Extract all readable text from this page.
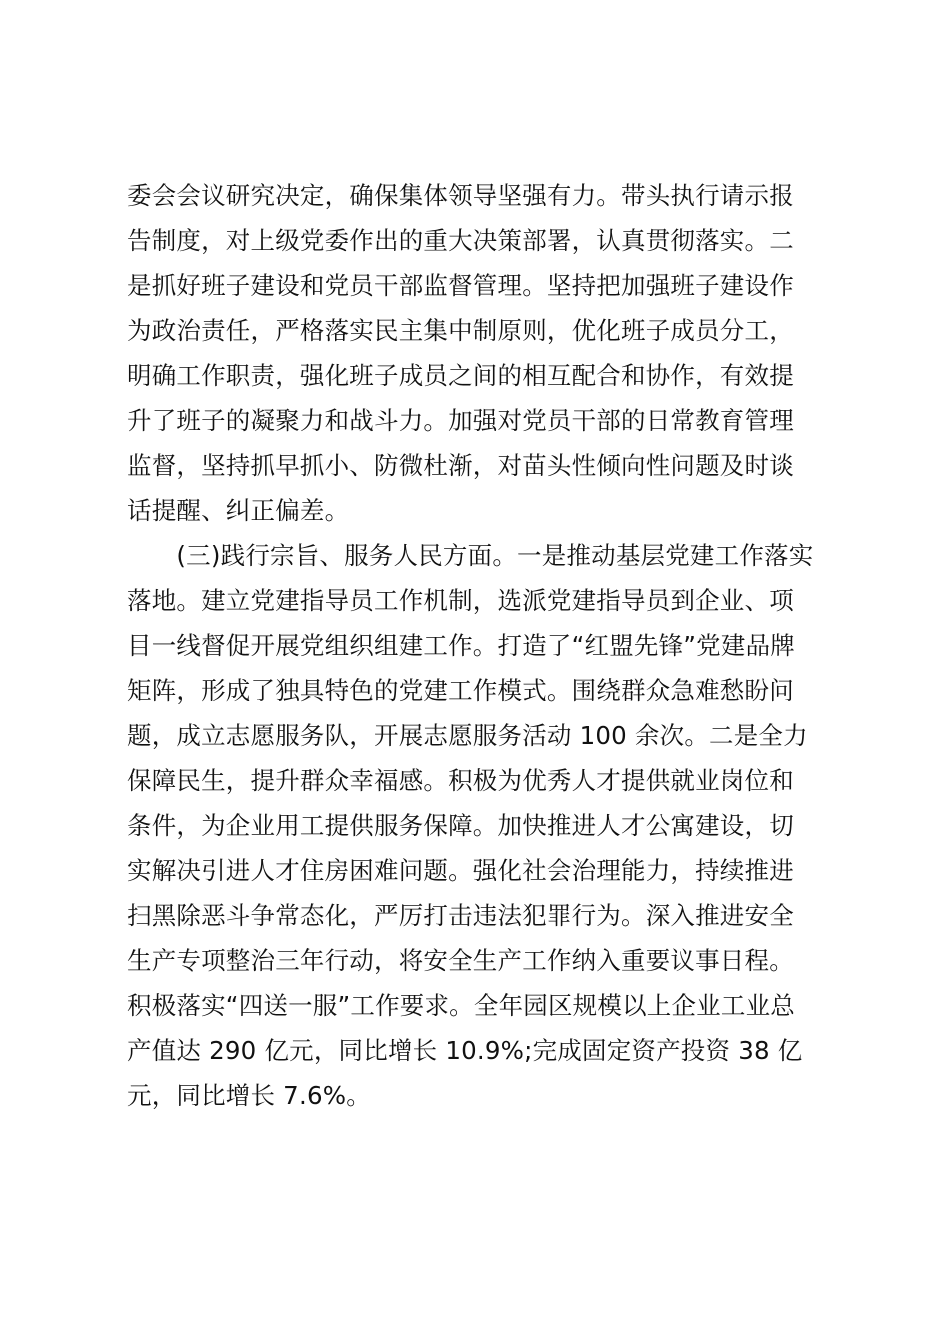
委会会议研究决定，确保集体领导坚强有力。带头执行请示报
告制度，对上级党委作出的重大决策部署，认真贯彻落实。二
是抓好班子建设和党员干部监督管理。坚持把加强班子建设作
为政治责任，严格落实民主集中制原则，优化班子成员分工，
明确工作职责，强化班子成员之间的相互配合和协作，有效提
升了班子的凝聚力和战斗力。加强对党员干部的日常教育管理
监督，坚持抓早抓小、防微杜渐，对苗头性倾向性问题及时谈
话提醒、纠正偏差。
　　(三)践行宗旨、服务人民方面。一是推动基层党建工作落实
落地。建立党建指导员工作机制，选派党建指导员到企业、项
目一线督促开展党组织组建工作。打造了“红盟先锋”党建品牌
矩阵，形成了独具特色的党建工作模式。围绕群众急难愁盼问
题，成立志愿服务队，开展志愿服务活动 100 余次。二是全力
保障民生，提升群众幸福感。积极为优秀人才提供就业岗位和
条件，为企业用工提供服务保障。加快推进人才公寓建设，切
实解决引进人才住房困难问题。强化社会治理能力，持续推进
扫黑除恶斗争常态化，严厉打击违法犯罪行为。深入推进安全
生产专项整治三年行动，将安全生产工作纳入重要议事日程。
积极落实“四送一服”工作要求。全年园区规模以上企业工业总
产值达 290 亿元，同比增长 10.9%;完成固定资产投资 38 亿
元，同比增长 7.6%。
